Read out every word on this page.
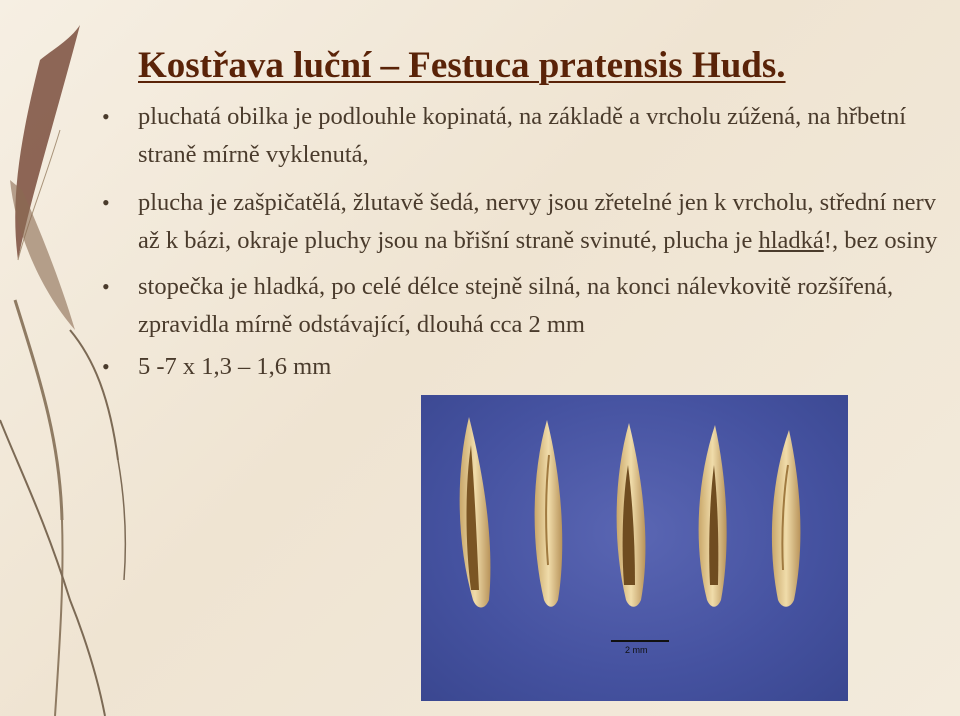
Kostřava luční – Festuca pratensis Huds.
• pluchatá obilka je podlouhle kopinatá, na základě a vrcholu zúžená, na hřbetní straně mírně vyklenutá,
• plucha je zašpičatělá, žlutavě šedá, nervy jsou zřetelné jen k vrcholu, střední nerv až k bázi, okraje pluchy jsou na břišní straně svinuté, plucha je hladká!, bez osiny
• stopečka je hladká, po celé délce stejně silná, na konci nálevkovitě rozšířená, zpravidla mírně odstávající, dlouhá cca 2 mm
• 5 -7 x 1,3 – 1,6 mm
2 mm
